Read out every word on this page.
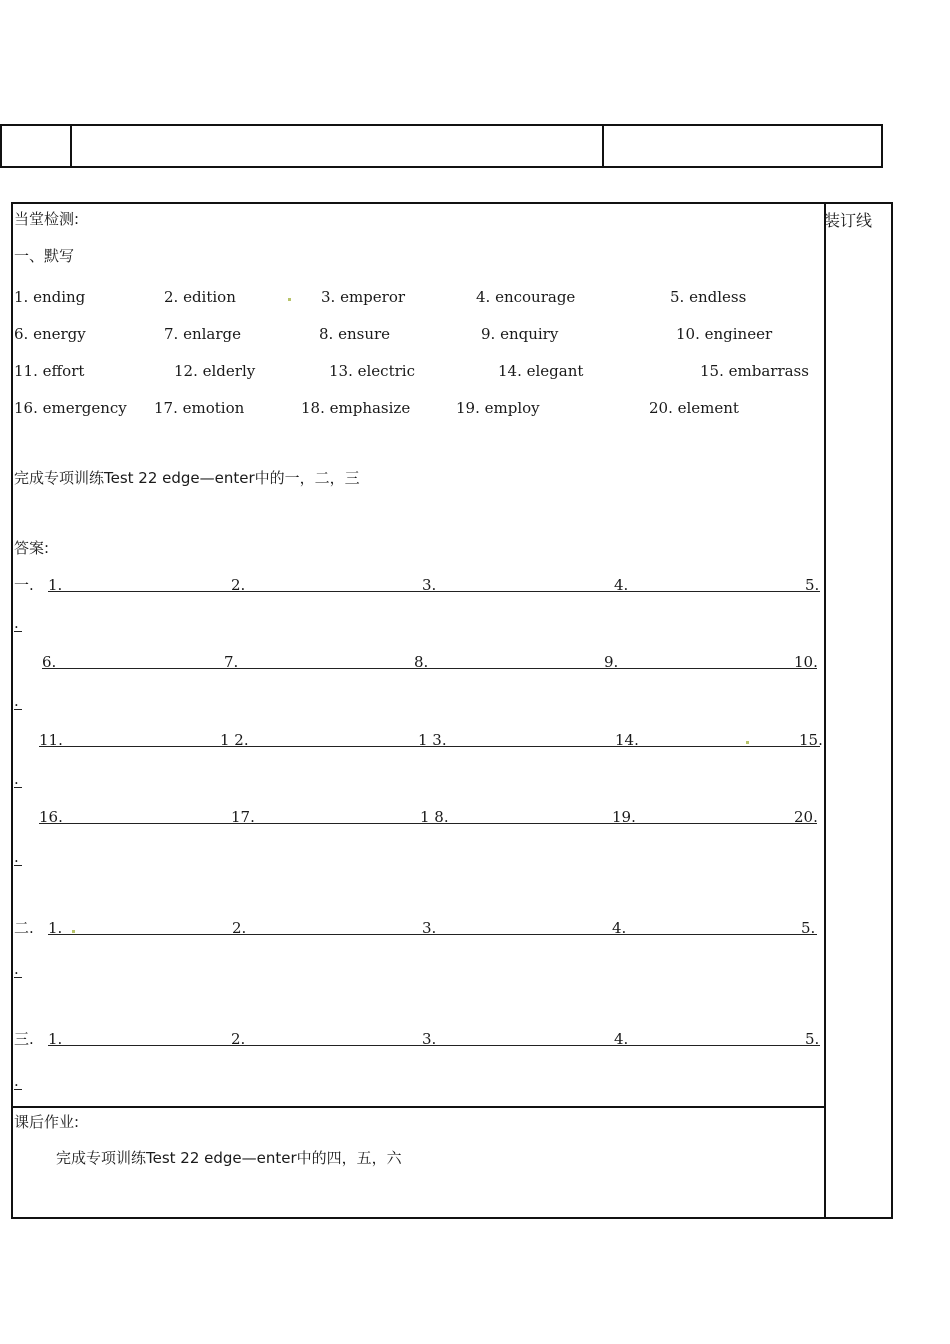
装订线
当堂检测:
一、默写
1. ending	2. edition	3. emperor	4. encourage	5. endless
6. energy	7. enlarge	8. ensure	9. enquiry	10. engineer
11. effort	12. elderly	13. electric	14. elegant	15. embarrass
16. emergency 17. emotion	18. emphasize	19. employ	20. element
完成专项训练Test 22 edge—enter中的一，二，三
答案:
一. 1.	2.	3.	4.	5.
.
6.	7.	8.	9.	10.
.
11.	1 2.	1 3.	14.	15.
.
16.	17.	1 8.	19.	20.
.
二. 1.	2.	3.	4.	5.
.
三. 1.	2.	3.	4.	5.
.
课后作业:
完成专项训练Test 22 edge—enter中的四，五，六
